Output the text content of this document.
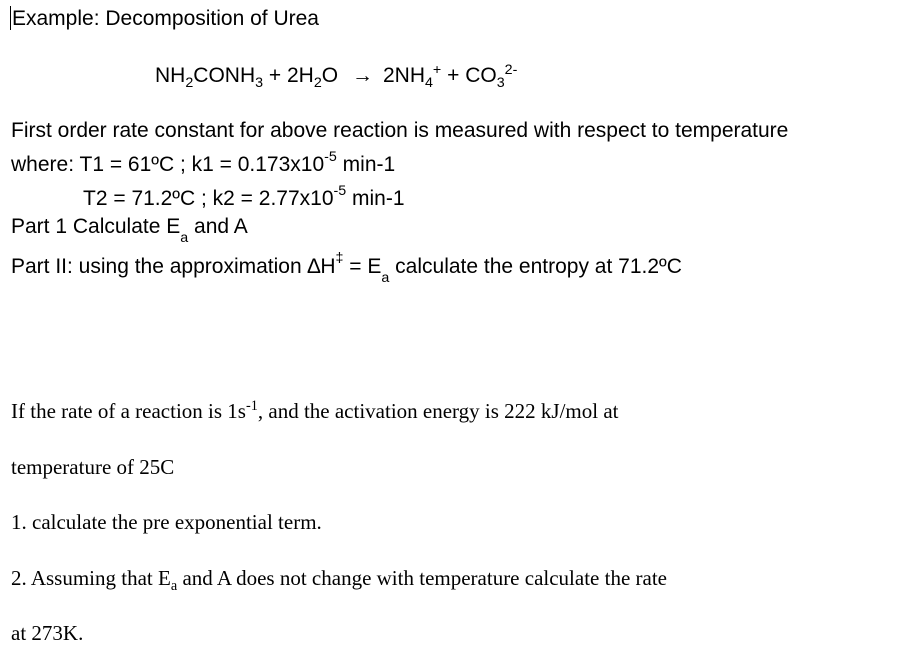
Example: Decomposition of Urea
$NH_2CONH_3 + 2H_2O \to 2NH_4^+ + CO_3^{2-}$
First order rate constant for above reaction is measured with respect to temperature
where: T1 = 61ºC ; $k1 = 0.173x10^{-5}$ min-1
T2 = 71.2ºC ; $k2 = 2.77x10^{-5}$ min-1
Part 1 Calculate $E_a$ and A
Part II: using the approximation $\Delta H^\ddagger = E_a$ calculate the entropy at 71.2ºC
If the rate of a reaction is $1s^{-1}$, and the activation energy is 222 kJ/mol at
temperature of 25C
1. calculate the pre exponential term.
2. Assuming that $E_a$ and A does not change with temperature calculate the rate
at 273K.
